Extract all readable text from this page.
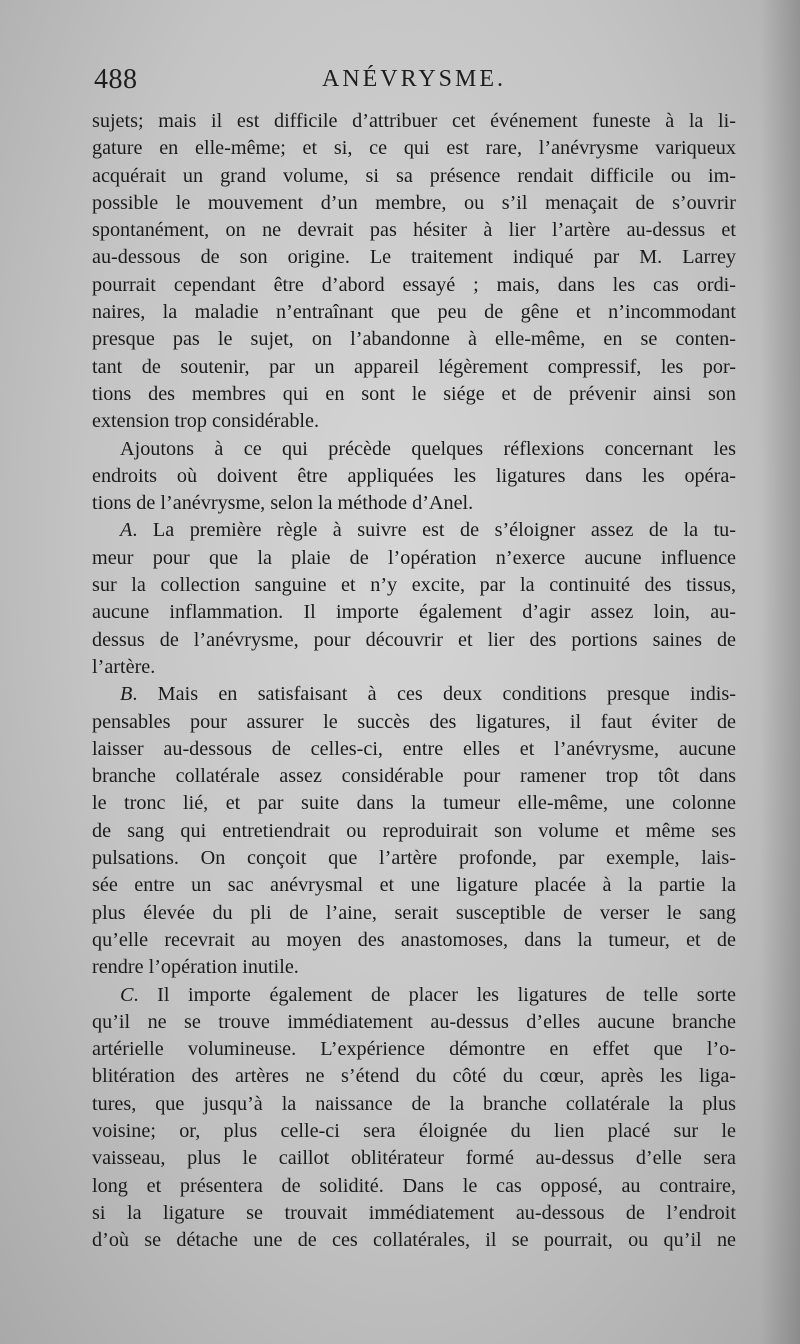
488	ANÉVRYSME.
sujets; mais il est difficile d’attribuer cet événement funeste à la li-
gature en elle-même; et si, ce qui est rare, l’anévrysme variqueux
acquérait un grand volume, si sa présence rendait difficile ou im-
possible le mouvement d’un membre, ou s’il menaçait de s’ouvrir
spontanément, on ne devrait pas hésiter à lier l’artère au-dessus et
au-dessous de son origine. Le traitement indiqué par M. Larrey
pourrait cependant être d’abord essayé ; mais, dans les cas ordi-
naires, la maladie n’entraînant que peu de gêne et n’incommodant
presque pas le sujet, on l’abandonne à elle-même, en se conten-
tant de soutenir, par un appareil légèrement compressif, les por-
tions des membres qui en sont le siége et de prévenir ainsi son
extension trop considérable.
Ajoutons à ce qui précède quelques réflexions concernant les
endroits où doivent être appliquées les ligatures dans les opéra-
tions de l’anévrysme, selon la méthode d’Anel.
A. La première règle à suivre est de s’éloigner assez de la tu-
meur pour que la plaie de l’opération n’exerce aucune influence
sur la collection sanguine et n’y excite, par la continuité des tissus,
aucune inflammation. Il importe également d’agir assez loin, au-
dessus de l’anévrysme, pour découvrir et lier des portions saines de
l’artère.
B. Mais en satisfaisant à ces deux conditions presque indis-
pensables pour assurer le succès des ligatures, il faut éviter de
laisser au-dessous de celles-ci, entre elles et l’anévrysme, aucune
branche collatérale assez considérable pour ramener trop tôt dans
le tronc lié, et par suite dans la tumeur elle-même, une colonne
de sang qui entretiendrait ou reproduirait son volume et même ses
pulsations. On conçoit que l’artère profonde, par exemple, lais-
sée entre un sac anévrysmal et une ligature placée à la partie la
plus élevée du pli de l’aine, serait susceptible de verser le sang
qu’elle recevrait au moyen des anastomoses, dans la tumeur, et de
rendre l’opération inutile.
C. Il importe également de placer les ligatures de telle sorte
qu’il ne se trouve immédiatement au-dessus d’elles aucune branche
artérielle volumineuse. L’expérience démontre en effet que l’o-
blitération des artères ne s’étend du côté du cœur, après les liga-
tures, que jusqu’à la naissance de la branche collatérale la plus
voisine; or, plus celle-ci sera éloignée du lien placé sur le
vaisseau, plus le caillot oblitérateur formé au-dessus d’elle sera
long et présentera de solidité. Dans le cas opposé, au contraire,
si la ligature se trouvait immédiatement au-dessous de l’endroit
d’où se détache une de ces collatérales, il se pourrait, ou qu’il ne
